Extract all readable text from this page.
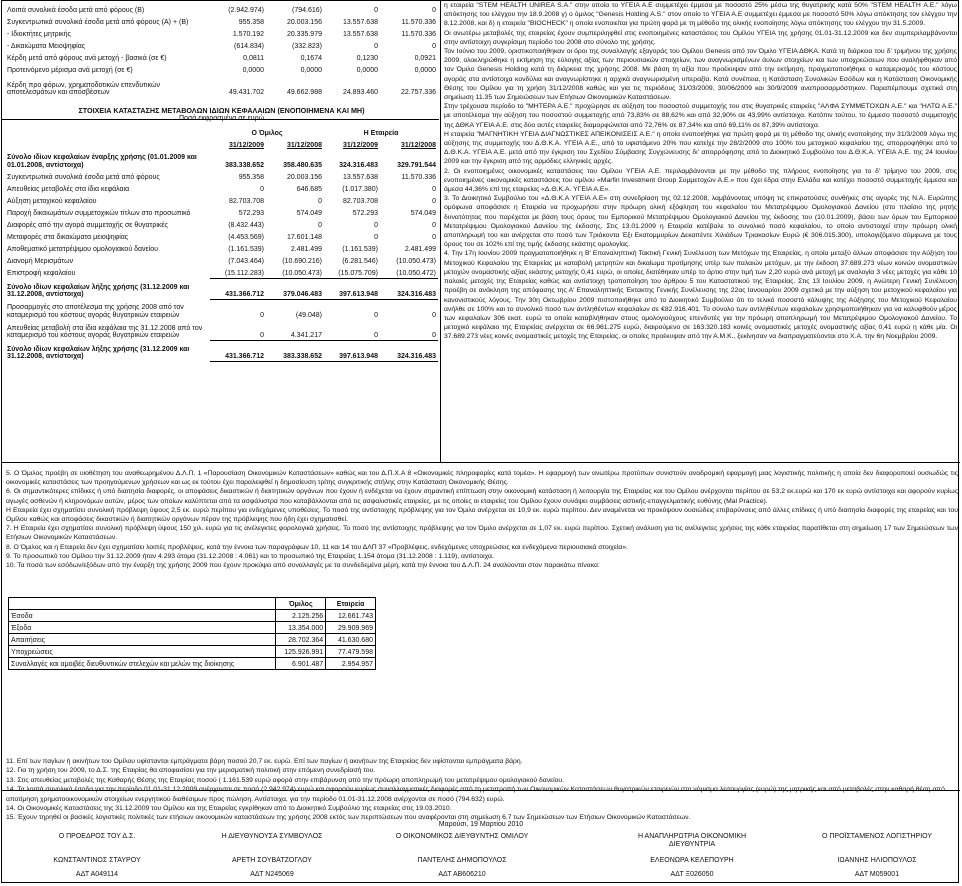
Λοιπά συνολικά έσοδα μετά από φόρους (Β)	(2.942.974)	(794.616)	0	0
Συγκεντρωτικά συνολικά έσοδα μετά από φόρους (Α) + (Β)	955.358	20.003.156	13.557.638	11.570.336
- Ιδιοκτήτες μητρικής	1.570.192	20.335.979	13.557.638	11.570.336
- Δικαιώματα Μειοψηφίας	(614.834)	(332.823)	0	0
Κέρδη μετά από φόρους ανά μετοχή - βασικά (σε €)	0,0811	0,1674	0,1230	0,0921
Προτεινόμενο μέρισμα ανά μετοχή (σε €)	0,0000	0,0000	0,0000	0,0000
Κέρδη προ φόρων, χρηματοδοτικών επενδυτικών αποτελεσμάτων και αποσβέσεων	49.431.702	49.662.988	24.893.460	22.757.336
ΣΤΟΙΧΕΙΑ ΚΑΤΑΣΤΑΣΗΣ ΜΕΤΑΒΟΛΩΝ ΙΔΙΩΝ ΚΕΦΑΛΑΙΩΝ (ΕΝΟΠΟΙΗΜΕΝΑ ΚΑΙ ΜΗ)
Ποσά εκφρασμένα σε ευρώ
	Ο Όμιλος		Η Εταιρεία	
	31/12/2009	31/12/2008	31/12/2009	31/12/2008
Σύνολο ιδίων κεφαλαίων έναρξης χρήσης (01.01.2009 και 01.01.2008, αντίστοιχα)	383.338.652	358.480.635	324.316.483	329.791.544
Συγκεντρωτικά συνολικά έσοδα μετά από φόρους	955.358	20.003.156	13.557.638	11.570.336
Απευθείας μεταβολές στα ίδια κεφάλαια	0	646.685	(1.017.380)	0
Αύξηση μετοχικού κεφαλαίου	82.703.708	0	82.703.708	0
Παροχή δικαιωμάτων συμμετοχικών τίτλων στο προσωπικό	572.293	574.049	572.293	574.049
Διαφορές από την αγορά συμμετοχής σε θυγατρικές	(8.432.443)	0	0	0
Μεταφορές στα δικαιώματα μειοψηφίας	(4.453.569)	17.601.148	0	0
Αποθεματικό μετατρέψιμου ομολογιακού δανείου	(1.161.539)	2.481.499	(1.161.539)	2.481.499
Διανομή Μερισμάτων	(7.043.464)	(10.690.216)	(6.281.546)	(10.050.473)
Επιστροφή κεφαλαίου	(15.112.283)	(10.050.473)	(15.075.709)	(10.050.472)
Σύνολο ιδίων κεφαλαίων λήξης χρήσης (31.12.2009 και 31.12.2008, αντίστοιχα)	431.366.712	379.046.483	397.613.948	324.316.483
Προσαρμογές στο αποτέλεσμα της χρήσης 2008 από τον καταμερισμό του κόστους αγοράς θυγατρικών εταιρειών	0	(49.048)	0	0
Απευθείας μεταβολή στα ίδια κεφάλαια της 31.12.2008 από τον καταμερισμό του κόστους αγοράς θυγατρικών εταιρειών	0	4.341.217	0	0
Σύνολο ιδίων κεφαλαίων λήξης χρήσης (31.12.2009 και 31.12.2008, αντίστοιχα)	431.366.712	383.338.652	397.613.948	324.316.483

η εταιρεία "STEM HEALTH UNIREA S.A." στην οποία το ΥΓΕΙΑ Α.Ε συμμετέχει έμμεσα με ποσοστό 25% μέσω της θυγατρικής κατά 50% "STEM HEALTH Α.Ε." λόγω απόκτησης του ελέγχου την 18.9.2008 γ) ο όμιλος "Genesis Holding A.S." στον οποίο το ΥΓΕΙΑ Α.Ε συμμετέχει έμμεσα με ποσοστό 50% λόγω απόκτησης τον ελέγχου την 8.12.2008, και δ) η εταιρεία "BIOCHECK" η οποία ενοποιείται για πρώτη φορά με τη μέθοδο της ολικής ενοποίησης λόγω απόκτησης του ελέγχου την 31.5.2009.

Οι ανωτέρω μεταβολές της εταιρείας έχουν συμπεριληφθεί στις ενοποιημένες καταστάσεις του Ομίλου ΥΓΕΙΑ της χρήσης 01.01-31.12.2009 και δεν συμπεριλαμβάνονται στην αντίστοιχη συγκρίσιμη περίοδο του 2008 στο σύνολο της χρήσης.

Τον Ιούνιο του 2009, οριστικοποιήθηκαν οι όροι της συναλλαγής εξαγοράς του Ομίλου Genesis από τον Όμιλο ΥΓΕΙΑ ΔΘΚΑ. Κατά τη διάρκεια του δ' τριμήνου της χρήσης 2009, ολοκληρώθηκε η εκτίμηση της εύλογης αξίας των περιουσιακών στοιχείων, των αναγνωρισμένων άυλων στοιχείων και των υποχρεώσεων που αναλήφθηκαν από τον Όμιλο Genesis Holding κατά τη διάρκεια της χρήσης 2008. Με βάση τη αξία που προέκυψαν από την εκτίμηση, πραγματοποιήθηκε ο καταμερισμός του κόστους αγοράς στα αντίστοιχα κονδύλια και αναγνωρίστηκε η αρχικά αναγνωρισμένη υπεραξία. Κατά συνέπεια, η Κατάσταση Συνολικών Εσόδων και η Κατάσταση Οικονομικής Θέσης του Ομίλου για τη χρήση 31/12/2008 καθώς και για τις περιόδους 31/03/2009, 30/06/2009 και 30/9/2009 αναπροσαρμόστηκαν. Παραπέμπουμε σχετικά στη σημείωση 11.35 των Σημειώσεων των Ετήσιων Οικονομικών Καταστάσεων.

Στην τρέχουσα περίοδο το "ΜΗΤΕΡΑ Α.Ε." προχώρησε σε αύξηση του ποσοστού συμμετοχής του στις θυγατρικές εταιρείες "ΑΛΦΑ ΣΥΜΜΕΤΟΧΩΝ Α.Ε." και "ΗΛΤΩ Α.Ε." με αποτέλεσμα την αύξηση του ποσοστού συμμετοχής από 73,83% σε 88,62% και από 32,90% σε 43,99% αντίστοιχα. Κατόπιν τούτου, το έμμεσο ποσοστό συμμετοχής της ΔΘΚΑ ΥΓΕΙΑ Α.Ε. στις δύο αυτές εταιρείες διαμορφώνεται από 72,76% σε 87,34% και από 69,11% σε 87,39% αντίστοιχα.

Η εταιρεία "ΜΑΓΝΗΤΙΚΗ ΥΓΕΙΑ ΔΙΑΓΝΩΣΤΙΚΕΣ ΑΠΕΙΚΟΝΙΣΕΙΣ Α.Ε." η οποία ενοποιήθηκε για πρώτη φορά με τη μέθοδο της ολικής ενοποίησης την 31/3/2009 λόγω της αύξησης της συμμετοχής του Δ.Θ.Κ.Α. ΥΓΕΙΑ Α.Ε., από το υφιστάμενο 20% που κατείχε την 28/2/2009 στο 100% του μετοχικού κεφαλαίου της, απορροφήθηκε από το Δ.Θ.Κ.Α. ΥΓΕΙΑ Α.Ε. μετά από την έγκριση του Σχεδίου Σύμβασης Συγχώνευσης δι' απορρόφησης από το Διοικητικό Συμβούλιο του Δ.Θ.Κ.Α. ΥΓΕΙΑ Α.Ε. της 24 Ιουνίου 2009 και την έγκριση από της αρμόδιες ελληνικές αρχές.

2. Οι ενοποιημένες οικονομικές καταστάσεις του Ομίλου ΥΓΕΙΑ Α.Ε. περιλαμβάνονται με την μέθοδο της πλήρους ενοποίησης για το δ' τρίμηνο του 2009, στις ενοποιημένες οικονομικές καταστάσεις του ομίλου «Marfin Investment Group Συμμετοχών Α.Ε.» που έχει έδρα στην Ελλάδα και κατέχει ποσοστό συμμετοχής έμμεσα και άμεσα 44,36% επί της εταιρείας «Δ.Θ.Κ.Α. ΥΓΕΙΑ Α.Ε».

3. Το Διοικητικό Συμβούλιο του «Δ.Θ.Κ.Α ΥΓΕΙΑ Α.Ε» στη συνεδρίαση της 02.12.2008, λαμβάνοντας υπόψη τις επικρατούσες συνθήκες στις αγορές της Ν.Α. Ευρώπης ομόφωνα αποφάσισε η Εταιρεία να προχωρήσει στην πρόωρη ολική εξόφληση του κεφαλαίου του Μετατρέψιμου Ομολογιακού Δανείου (στο πλαίσιο της ρητής δυνατότητας που παρέχεται με βάση τους όρους του Εμπορικού Μετατρέψιμου Ομολογιακού Δανείου της έκδοσης του (10.01.2009), βάσει των όρων του Εμπορικού Μετατρέψιμου Ομολογιακού Δανείου της έκδοσης. Στις 13.01.2009 η Εταιρεία κατέβαλε το συνολικό ποσό κεφαλαίου, το οποίο αντιστοιχεί στην πρόωρη ολική αποπληρωμή του και ανέρχεται στο ποσό των Τριάκοντα Έξι Εκατομμυρίων Δεκαπέντε Χιλιάδων Τριακοσίων Ευρώ (€ 306.015.300), υπολογιζόμενο σύμφωνα με τους όρους του σε 102% επί της τιμής έκδοσης εκάστης ομολογίας.

4. Την 17η Ιουνίου 2009 πραγματοποιήθηκε η Β' Επαναληπτική Τακτική Γενική Συνέλευση των Μετόχων της Εταιρείας, η οποία μεταξύ άλλων αποφάσισε την Αύξηση του Μετοχικού Κεφαλαίου της Εταιρείας με καταβολή μετρητών και δικαίωμα προτίμησης υπέρ των παλαιών μετόχων, με την έκδοση 37.689.273 νέων κοινών ονομαστικών μετοχών ονομαστικής αξίας εκάστης μετοχής 0,41 ευρώ, οι οποίες διατέθηκαν υπέρ το άρτιο στην τιμή των 2,20 ευρώ ανά μετοχή με αναλογία 3 νέες μετοχές για κάθε 10 παλαιές μετοχές της Εταιρείας καθώς και αντίστοιχη τροποποίηση του άρθρου 5 του Καταστατικού της Εταιρείας. Στις 13 Ιουλίου 2009, η Ανώτερη Γενική Συνέλευση προέβη σε ανάκληση της απόφασης της Α' Επαναληπτικής Έκτακτης Γενικής Συνέλευσης της 22ας Ιανουαρίου 2009 σχετικά με την αύξηση του μετοχικού κεφαλαίου για κανονιστικούς λόγους. Την 30η Οκτωβρίου 2009 πιστοποιήθηκε από το Διοικητικό Συμβούλιο ότι το τελικό ποσοστό κάλυψης της Αύξησης του Μετοχικού Κεφαλαίου ανήλθε σε 100% και το συνολικό ποσό των αντληθέντων κεφαλαίων σε €82.916.401. Το σύνολο των αντληθέντων κεφαλαίων χρησιμοποιήθηκαν για να καλυφθούν μέρος των κεφαλαίων 306 εκατ. ευρώ τα οποία καταβλήθηκαν στους ομολογιούχους επενδυτές για την πρόωρη αποπληρωμή του Μετατρέψιμου Ομολογιακού Δανείου. Το μετοχικό κεφάλαιο της Εταιρείας ανέρχεται σε 66.961.275 ευρώ, διαιρούμενο σε 163.320.183 κοινές ονομαστικές μετοχές ονομαστικής αξίας 0,41 ευρώ η κάθε μία. Οι 37.689.273 νέες κοινές ονομαστικές μετοχές της Εταιρείας, οι οποίες προέκυψαν από την Α.Μ.Κ., ξεκίνησαν να διαπραγματεύονται στο Χ.Α. την 6η Νοεμβρίου 2009.

5. Ο Όμιλος προέβη σε υιοθέτηση του αναθεωρημένου Δ.Λ.Π. 1 «Παρουσίαση Οικονομικών Καταστάσεων» καθώς και του Δ.Π.Χ.Α 8 «Οικονομικές πληροφορίες κατά τομέα». Η εφαρμογή των ανωτέρω προτύπων συνιστούν αναδρομική εφαρμογή μιας λογιστικής πολιτικής η οποία δεν διαφοροποιεί ουσιωδώς τις οικονομικές καταστάσεις των προηγούμενων χρήσεων και ως εκ τούτου έχει παραλειφθεί η δημοσίευση τρίτης συγκριτικής στήλης στην Κατάσταση Οικονομικής Θέσης.

6. Οι σημαντικότερες επίδικες ή υπό διαιτησία διαφορές, οι αποφάσεις δικαστικών ή διαιτητικών οργάνων που έχουν ή ενδέχεται να έχουν σημαντική επίπτωση στην οικονομική κατάσταση ή λειτουργία της Εταιρείας και του Ομίλου ανέρχονται περίπου σε 53,2 εκ.ευρώ και 170 εκ ευρώ αντίστοιχα και αφορούν κυρίως αγωγές ασθενών ή κληρονόμων αυτών, μέρος των οποίων καλύπτεται από τα ασφάλιστρα που καταβάλλονται από τις ασφαλιστικές εταιρείες, με τις οποίες οι εταιρείες του Ομίλου έχουν συνάψει συμβάσεις αστικής-επαγγελματικής ευθύνης (Mal Practice).

Η Εταιρεία έχει σχηματίσει συνολική πρόβλεψη ύψους 2,5 εκ. ευρώ περίπου για ενδεχόμενες υποθέσεις. Το ποσό της αντίστοιχης πρόβλεψης για τον Όμιλο ανέρχεται σε 10,9 εκ. ευρώ περίπου. Δεν αναμένεται να προκύψουν ουσιώδεις επιβαρύνσεις από άλλες επίδικες ή υπό διαιτησία διαφορές της εταιρείας και του Ομίλου καθώς και αποφάσεις δικαστικών ή διαιτητικών οργάνων πέραν της πρόβλεψης που ήδη έχει σχηματισθεί.

7. Η Εταιρεία έχει σχηματίσει συνολική πρόβλεψη ύψους 150 χιλ. ευρώ για τις ανέλεγκτες φορολογικά χρήσεις. Το ποσό της αντίστοιχης πρόβλεψης για τον Όμιλο ανέρχεται σε 1,07 εκ. ευρώ περίπου. Σχετική ανάλυση για τις ανέλεγκτες χρήσεις της κάθε εταιρείας παρατίθεται στη σημείωση 17 των Σημειώσεων των Ετήσιων Οικονομικών Καταστάσεων.

8. Ο Όμιλος και η Εταιρεία δεν έχει σχηματίσει λοιπές προβλέψεις, κατά την έννοια των παραγράφων 10, 11 και 14 του ΔΛΠ 37 «Προβλέψεις, ενδεχόμενες υποχρεώσεις και ενδεχόμενα περιουσιακά στοιχεία».

9. Το προσωπικό του Ομίλου την 31.12.2009 ήταν 4.293 άτομα (31.12.2008 : 4.061) και το προσωπικό της Εταιρείας 1.154 άτομα (31.12.2008 : 1.119), αντίστοιχα.

10. Τα ποσά των εσόδων/εξόδων από την έναρξη της χρήσης 2009 που έχουν προκύψει από συναλλαγές με τα συνδεδεμένα μέρη, κατά την έννοια του Δ.Λ.Π. 24 αναλύονται στον παρακάτω πίνακα:

	Όμιλος	Εταιρεία
Έσοδα	2.125.256	12.661.743
Έξοδα	13.354.000	29.909.969
Απαιτήσεις	28.702.364	41.630.680
Υποχρεώσεις	125.926.991	77.479.598
Συναλλαγές και αμοιβές διευθυντικών στελεχών και μελών της διοίκησης	6.901.487	2.954.957

11. Επί των παγίων ή ακινήτων του Ομίλου υφίστανται εμπράγματα βάρη ποσού 20,7 εκ. ευρώ. Επί των παγίων ή ακινήτων της Εταιρείας δεν υφίστανται εμπράγματα βάρη.

12. Για τη χρήση του 2009, το Δ.Σ. της Εταιρίας θα αποφασίσει για την μερισματική πολιτική στην επόμενη συνεδρίασή του.

13. Στις απευθείας μεταβολές της Καθαρής Θέσης της Εταιρίας ποσού ( 1.161.539 ευρώ αφορά στην επιβάρυνση από την πρόωρη αποπληρωμή του μετατρέψιμου ομολογιακού δανείου.

14. Τα λοιπά συνολικά έσοδα για την περίοδο 01.01-31.12.2009 ανέρχονται σε ποσό (2.942.974) ευρώ και αφορούν κυρίως συναλλαγματικές διαφορές από τη μετατροπή των Οικονομικών Καταστάσεων θυγατρικών εταιρειών στο νόμισμα λειτουργίας (ευρώ) της μητρικής και από μεταβολές στην καθαρή θέση από αποτίμηση χρηματοοικονομικών στοιχείων ενεργητικού διαθέσιμων προς πώληση. Αντίστοιχα, για την περίοδο 01.01-31.12.2008 ανέρχονται σε ποσό (794.632) ευρώ.

14. Οι Οικονομικές Καταστάσεις της 31.12.2009 του Ομίλου και της Εταιρείας εγκρίθηκαν από το Διοικητικό Συμβούλιο της εταιρείας στις 19.03.2010.

15. Έχουν τηρηθεί οι βασικές λογιστικές πολιτικές των ετήσιων οικονομικών καταστάσεων της χρήσης 2008 εκτός των περιπτώσεων που αναφέρονται στη σημείωση 6.7 των Σημειώσεων των Ετήσιων Οικονομικών Καταστάσεων.

Μαρούσι, 19 Μαρτίου 2010
Ο ΠΡΟΕΔΡΟΣ ΤΟΥ Δ.Σ.
ΚΩΝΣΤΑΝΤΙΝΟΣ ΣΤΑΥΡΟΥ
ΑΔΤ Α049114
Η ΔΙΕΥΘΥΝΟΥΣΑ ΣΥΜΒΟΥΛΟΣ
ΑΡΕΤΗ ΣΟΥΒΑΤΖΟΓΛΟΥ
ΑΔΤ Ν245069
Ο ΟΙΚΟΝΟΜΙΚΟΣ ΔΙΕΥΘΥΝΤΗΣ ΟΜΙΛΟΥ
ΠΑΝΤΕΛΗΣ ΔΗΜΟΠΟΥΛΟΣ
ΑΔΤ ΑΒ606210
Η ΑΝΑΠΛΗΡΩΤΡΙΑ ΟΙΚΟΝΟΜΙΚΗ ΔΙΕΥΘΥΝΤΡΙΑ
ΕΛΕΟΝΩΡΑ ΚΕΛΕΠΟΥΡΗ
ΑΔΤ Ξ026050
Ο ΠΡΟΪΣΤΑΜΕΝΟΣ ΛΟΓΙΣΤΗΡΙΟΥ
ΙΩΑΝΝΗΣ ΗΛΙΟΠΟΥΛΟΣ
ΑΔΤ Μ059001
